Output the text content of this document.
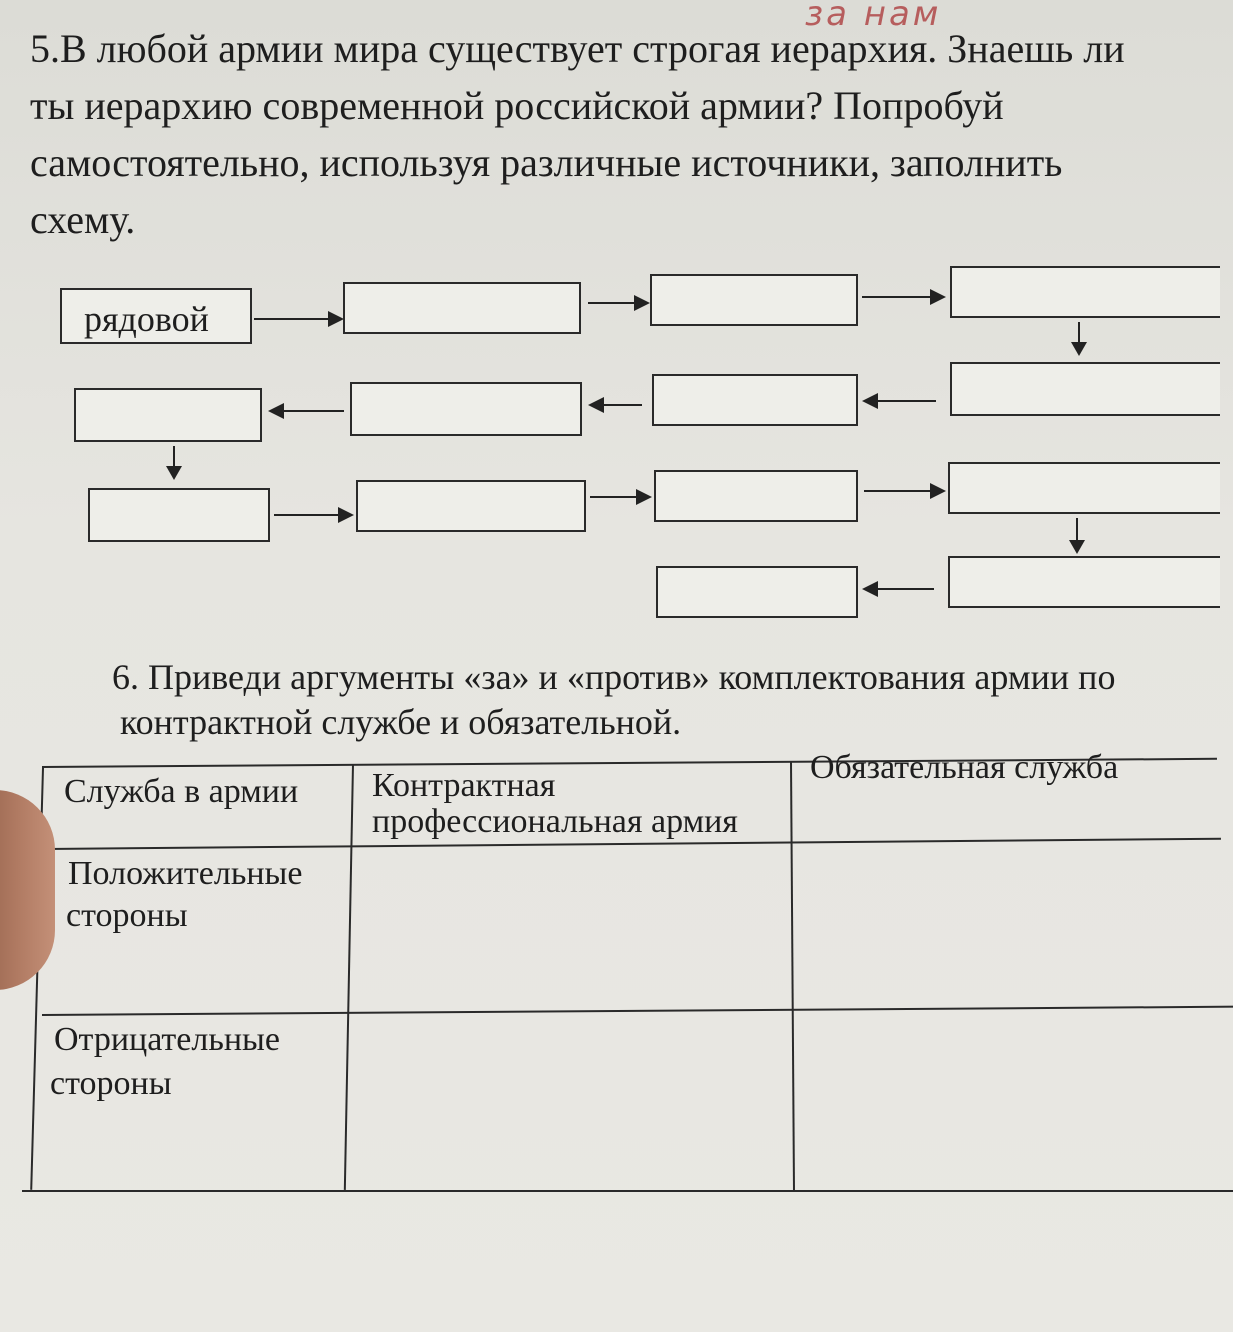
за нам

5.В любой армии мира существует строгая иерархия. Знаешь ли
ты иерархию современной российской армии? Попробуй
самостоятельно, используя различные источники, заполнить
схему.

рядовой

6. Приведи аргументы «за» и «против» комплектования армии по
контрактной службе и обязательной.

Служба в армии Контрактная
профессиональная армия
Обязательная служба
Положительные
стороны
Отрицательные
стороны
